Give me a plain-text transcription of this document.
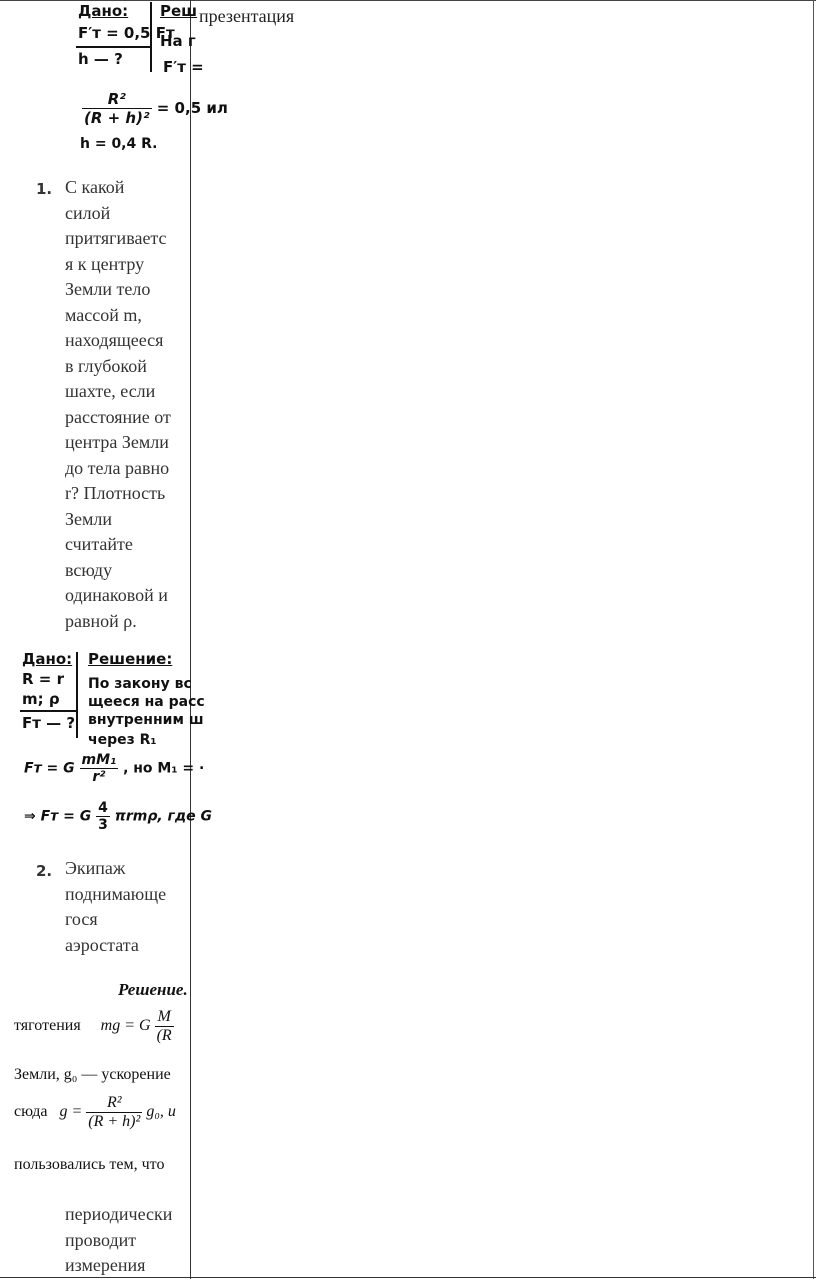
Дано: Реш
F′т = 0,5 Fт
На г
h — ?	F′т =
$\frac{\text{R²}}{\text{(R + h)²}} = 0,5$ ил
h = 0,4 R.
1. С какой
силой
притягиваетс
я к центру
Земли тело
массой m,
находящееся
в глубокой
шахте, если
расстояние от
центра Земли
до тела равно
r? Плотность
Земли
считайте
всюду
одинаковой и
равной ρ.
Дано: Решение:
R = r По закону вс
m; ρ щееся на расс
Fт — ? внутренним ш
через R₁
Fт = G $\frac{\text{mM₁}}{\text{r²}}$ , но M₁ = ·
⇒ Fт = G $\frac{4}{3} \pi rm\rho$, где G
2. Экипаж
поднимающе
гося
аэростата
Решение.
тяготения mg = G $\frac{M}{(R}$
Земли, g₀ — ускорение
сюда $g = \frac{\text{R²}}{\text{(R + h)²}} g_0$, и
пользовались тем, что
периодически
проводит
измерения
презентация
